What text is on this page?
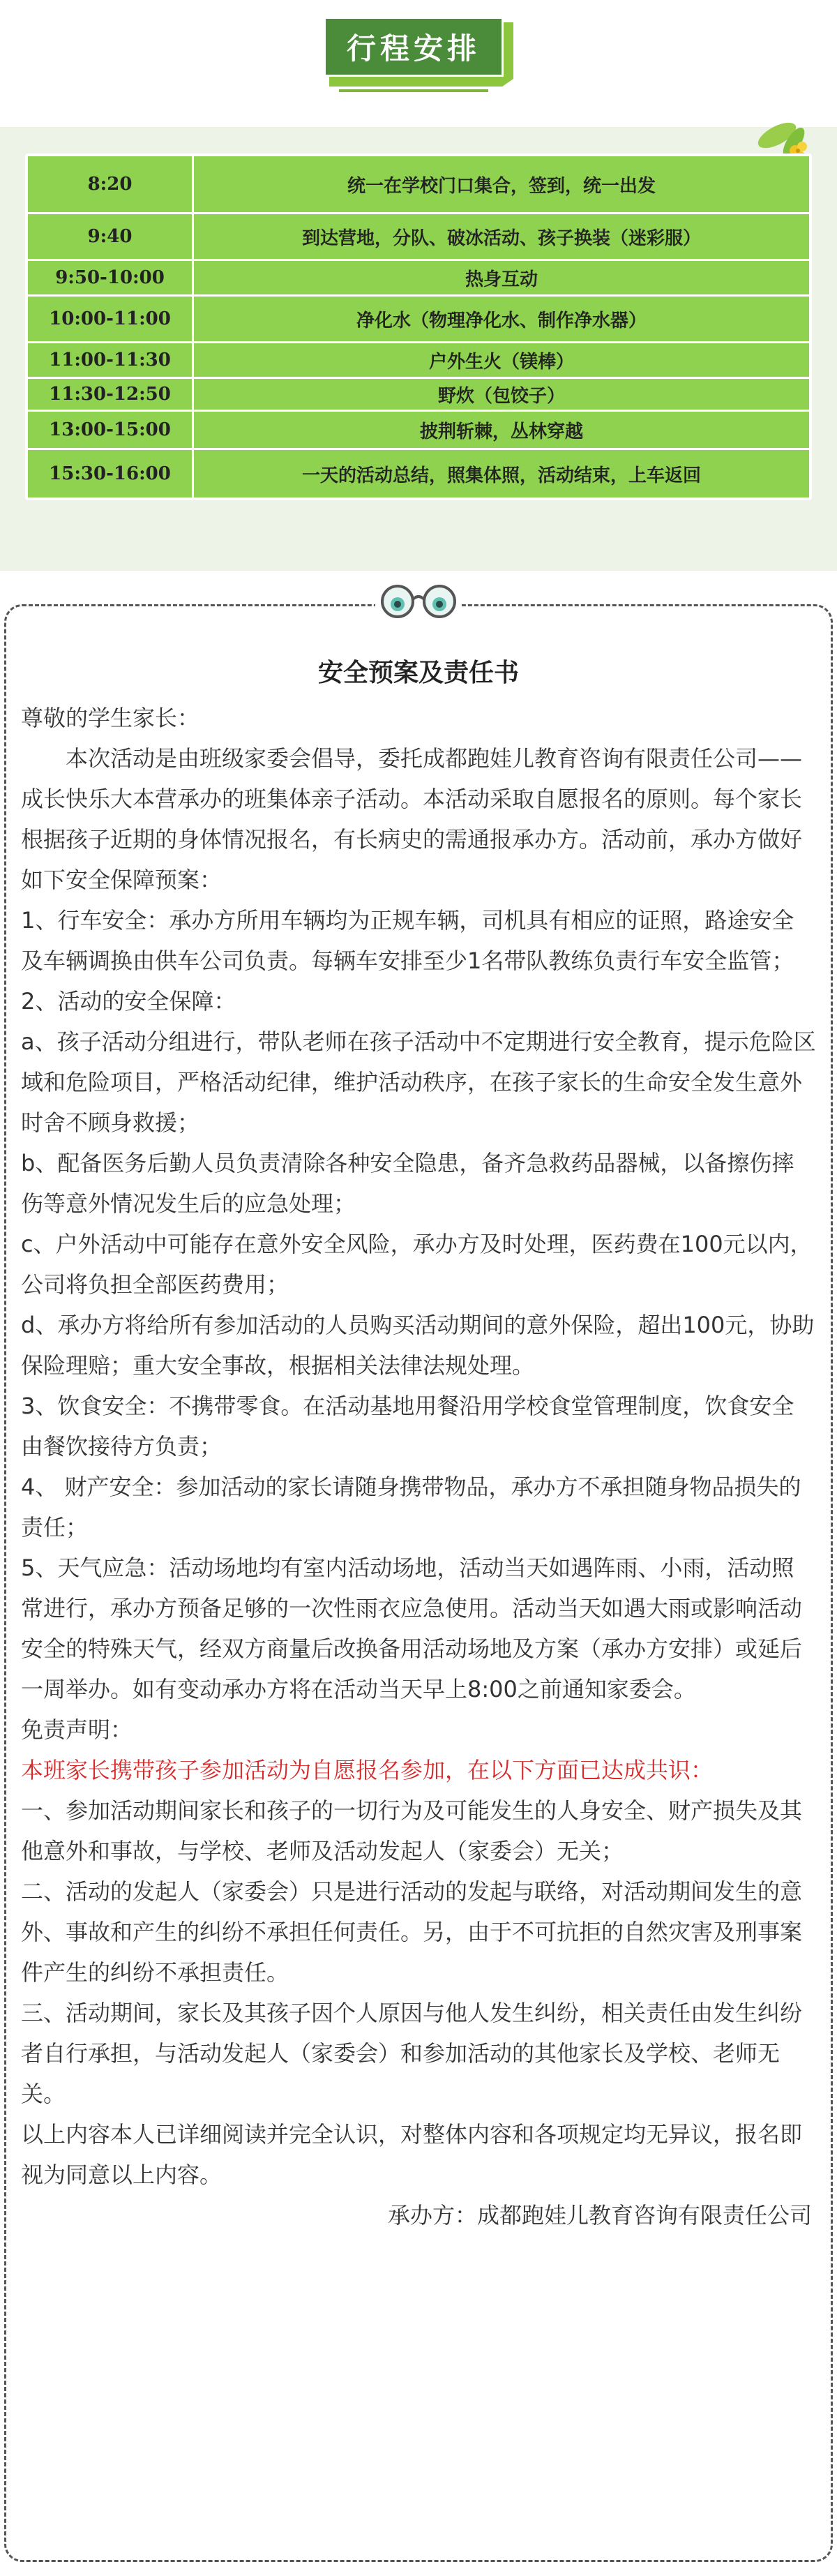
行程安排
8:20	统一在学校门口集合，签到，统一出发
9:40	到达营地，分队、破冰活动、孩子换装（迷彩服）
9:50-10:00	热身互动
10:00-11:00	净化水（物理净化水、制作净水器）
11:00-11:30	户外生火（镁棒）
11:30-12:50	野炊（包饺子）
13:00-15:00	披荆斩棘，丛林穿越
15:30-16:00	一天的活动总结，照集体照，活动结束，上车返回

安全预案及责任书

尊敬的学生家长：

本次活动是由班级家委会倡导，委托成都跑娃儿教育咨询有限责任公司——成长快乐大本营承办的班集体亲子活动。本活动采取自愿报名的原则。每个家长根据孩子近期的身体情况报名，有长病史的需通报承办方。活动前，承办方做好如下安全保障预案：

1、行车安全：承办方所用车辆均为正规车辆，司机具有相应的证照，路途安全及车辆调换由供车公司负责。每辆车安排至少1名带队教练负责行车安全监管；

2、活动的安全保障：

a、孩子活动分组进行，带队老师在孩子活动中不定期进行安全教育，提示危险区域和危险项目，严格活动纪律，维护活动秩序，在孩子家长的生命安全发生意外时舍不顾身救援；

b、配备医务后勤人员负责清除各种安全隐患，备齐急救药品器械，以备擦伤摔伤等意外情况发生后的应急处理；

c、户外活动中可能存在意外安全风险，承办方及时处理，医药费在100元以内，公司将负担全部医药费用；

d、承办方将给所有参加活动的人员购买活动期间的意外保险，超出100元，协助保险理赔；重大安全事故，根据相关法律法规处理。

3、饮食安全：不携带零食。在活动基地用餐沿用学校食堂管理制度，饮食安全由餐饮接待方负责；

4、 财产安全：参加活动的家长请随身携带物品，承办方不承担随身物品损失的责任；

5、天气应急：活动场地均有室内活动场地，活动当天如遇阵雨、小雨，活动照常进行，承办方预备足够的一次性雨衣应急使用。活动当天如遇大雨或影响活动安全的特殊天气，经双方商量后改换备用活动场地及方案（承办方安排）或延后一周举办。如有变动承办方将在活动当天早上8:00之前通知家委会。

免责声明：

本班家长携带孩子参加活动为自愿报名参加，在以下方面已达成共识：

一、参加活动期间家长和孩子的一切行为及可能发生的人身安全、财产损失及其他意外和事故，与学校、老师及活动发起人（家委会）无关；

二、活动的发起人（家委会）只是进行活动的发起与联络，对活动期间发生的意外、事故和产生的纠纷不承担任何责任。另，由于不可抗拒的自然灾害及刑事案件产生的纠纷不承担责任。

三、活动期间，家长及其孩子因个人原因与他人发生纠纷，相关责任由发生纠纷者自行承担，与活动发起人（家委会）和参加活动的其他家长及学校、老师无关。

以上内容本人已详细阅读并完全认识，对整体内容和各项规定均无异议，报名即视为同意以上内容。

承办方：成都跑娃儿教育咨询有限责任公司
